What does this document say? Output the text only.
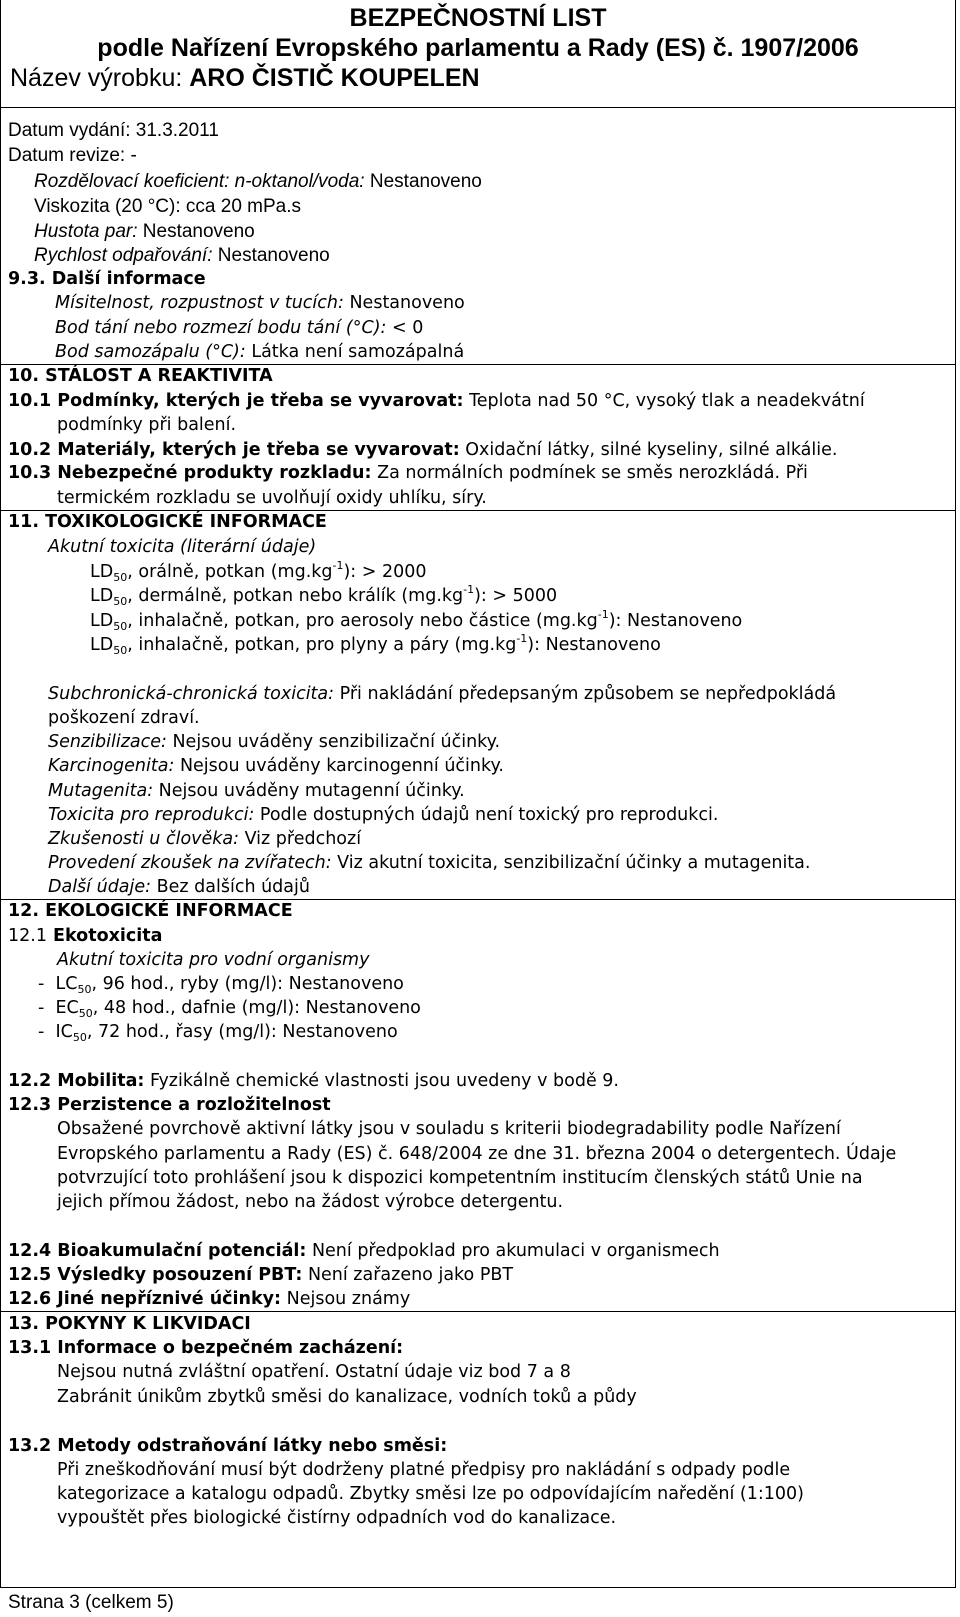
BEZPEČNOSTNÍ LIST
podle Nařízení Evropského parlamentu a Rady (ES) č. 1907/2006
Název výrobku: ARO ČISTIČ KOUPELEN
Datum vydání: 31.3.2011
Datum revize: -
Rozdělovací koeficient: n-oktanol/voda: Nestanoveno
Viskozita (20 °C): cca 20 mPa.s
Hustota par: Nestanoveno
Rychlost odpařování: Nestanoveno
9.3. Další informace
Mísitelnost, rozpustnost v tucích: Nestanoveno
Bod tání nebo rozmezí bodu tání (°C): < 0
Bod samozápalu (°C): Látka není samozápalná
10. STÁLOST A REAKTIVITA
10.1 Podmínky, kterých je třeba se vyvarovat: Teplota nad 50 °C, vysoký tlak a neadekvátní
podmínky při balení.
10.2 Materiály, kterých je třeba se vyvarovat: Oxidační látky, silné kyseliny, silné alkálie.
10.3 Nebezpečné produkty rozkladu: Za normálních podmínek se směs nerozkládá. Při
termickém rozkladu se uvolňují oxidy uhlíku, síry.
11. TOXIKOLOGICKÉ INFORMACE
Akutní toxicita (literární údaje)
$LD_{50}$, orálně, potkan $(mg.kg^{-1})$: > 2000
$LD_{50}$, dermálně, potkan nebo králík $(mg.kg^{-1})$: > 5000
$LD_{50}$, inhalačně, potkan, pro aerosoly nebo částice $(mg.kg^{-1})$: Nestanoveno
$LD_{50}$, inhalačně, potkan, pro plyny a páry $(mg.kg^{-1})$: Nestanoveno
Subchronická-chronická toxicita: Při nakládání předepsaným způsobem se nepředpokládá
poškození zdraví.
Senzibilizace: Nejsou uváděny senzibilizační účinky.
Karcinogenita: Nejsou uváděny karcinogenní účinky.
Mutagenita: Nejsou uváděny mutagenní účinky.
Toxicita pro reprodukci: Podle dostupných údajů není toxický pro reprodukci.
Zkušenosti u člověka: Viz předchozí
Provedení zkoušek na zvířatech: Viz akutní toxicita, senzibilizační účinky a mutagenita.
Další údaje: Bez dalších údajů
12. EKOLOGICKÉ INFORMACE
12.1 Ekotoxicita
Akutní toxicita pro vodní organismy
- $LC_{50}$, 96 hod., ryby (mg/l): Nestanoveno
- $EC_{50}$, 48 hod., dafnie (mg/l): Nestanoveno
- $IC_{50}$, 72 hod., řasy (mg/l): Nestanoveno
12.2 Mobilita: Fyzikálně chemické vlastnosti jsou uvedeny v bodě 9.
12.3 Perzistence a rozložitelnost
Obsažené povrchově aktivní látky jsou v souladu s kriterii biodegradability podle Nařízení
Evropského parlamentu a Rady (ES) č. 648/2004 ze dne 31. března 2004 o detergentech. Údaje
potvrzující toto prohlášení jsou k dispozici kompetentním institucím členských států Unie na
jejich přímou žádost, nebo na žádost výrobce detergentu.
12.4 Bioakumulační potenciál: Není předpoklad pro akumulaci v organismech
12.5 Výsledky posouzení PBT: Není zařazeno jako PBT
12.6 Jiné nepříznivé účinky: Nejsou známy
13. POKYNY K LIKVIDACI
13.1 Informace o bezpečném zacházení:
Nejsou nutná zvláštní opatření. Ostatní údaje viz bod 7 a 8
Zabránit únikům zbytků směsi do kanalizace, vodních toků a půdy
13.2 Metody odstraňování látky nebo směsi:
Při zneškodňování musí být dodrženy platné předpisy pro nakládání s odpady podle
kategorizace a katalogu odpadů. Zbytky směsi lze po odpovídajícím naředění (1:100)
vypouštět přes biologické čistírny odpadních vod do kanalizace.
Strana 3 (celkem 5)
